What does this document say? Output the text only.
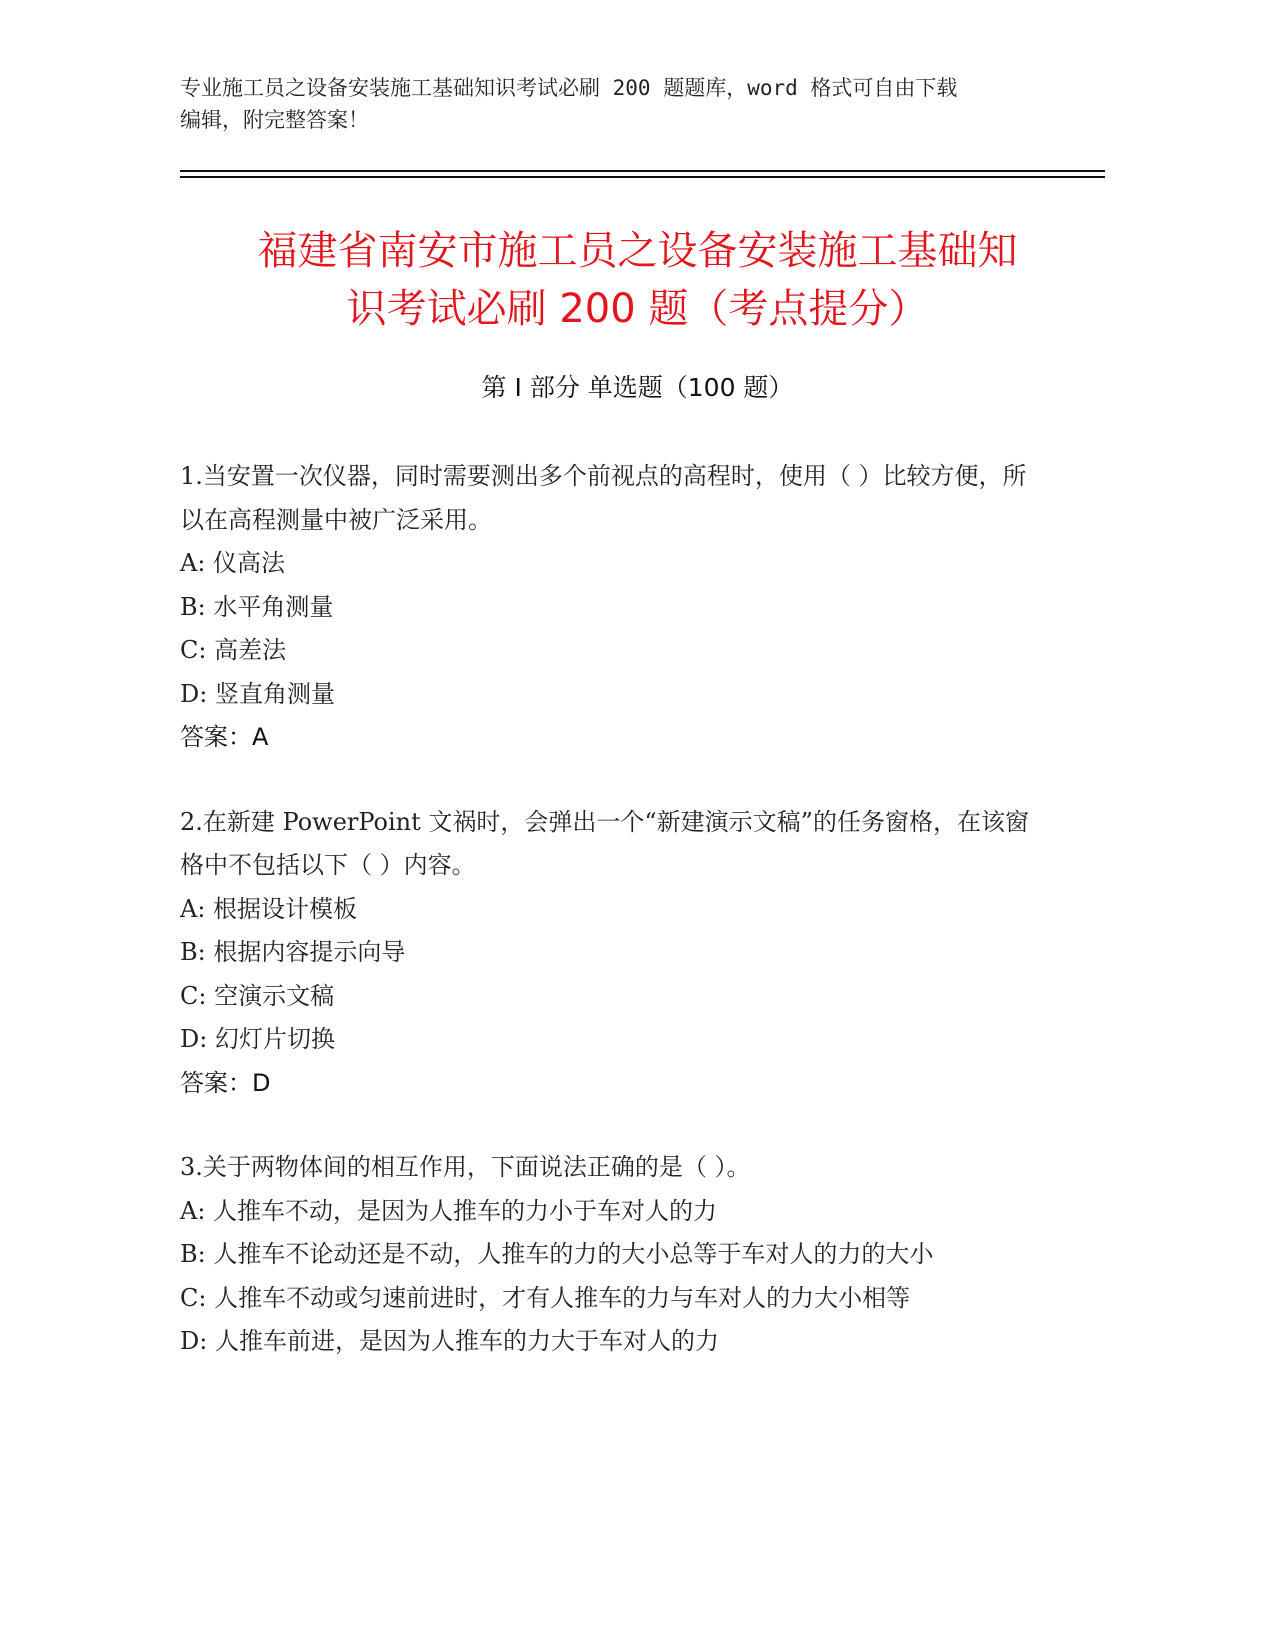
专业施工员之设备安装施工基础知识考试必刷 200 题题库，word 格式可自由下载
编辑，附完整答案！
福建省南安市施工员之设备安装施工基础知
识考试必刷 200 题（考点提分）
第 I 部分 单选题（100 题）

1.当安置一次仪器，同时需要测出多个前视点的高程时，使用（ ）比较方便，所以在高程测量中被广泛采用。

A: 仪高法

B: 水平角测量

C: 高差法

D: 竖直角测量

答案：A

2.在新建 PowerPoint 文祸时，会弹出一个“新建演示文稿”的任务窗格，在该窗格中不包括以下（ ）内容。

A: 根据设计模板

B: 根据内容提示向导

C: 空演示文稿

D: 幻灯片切换

答案：D

3.关于两物体间的相互作用，下面说法正确的是（ ）。

A: 人推车不动，是因为人推车的力小于车对人的力

B: 人推车不论动还是不动，人推车的力的大小总等于车对人的力的大小

C: 人推车不动或匀速前进时，才有人推车的力与车对人的力大小相等

D: 人推车前进，是因为人推车的力大于车对人的力
